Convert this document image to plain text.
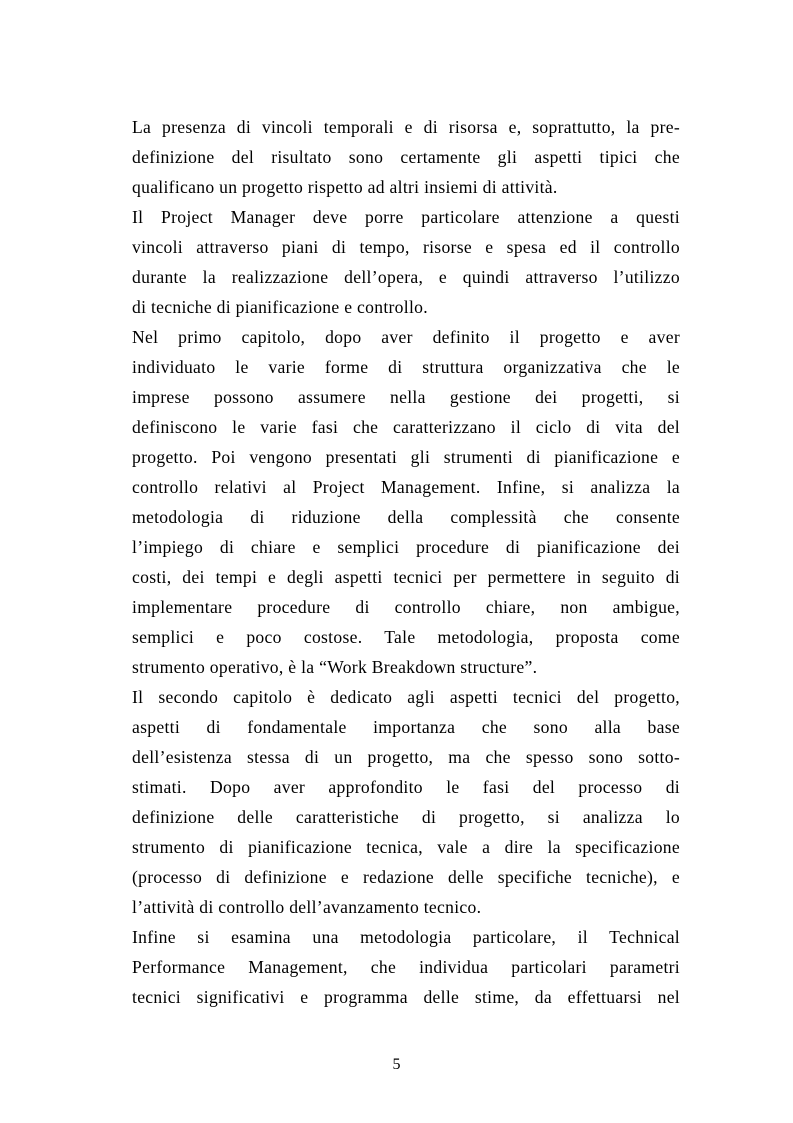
La presenza di vincoli temporali e di risorsa e, soprattutto, la pre-
definizione del risultato sono certamente gli aspetti tipici che
qualificano un progetto rispetto ad altri insiemi di attività.

Il Project Manager deve porre particolare attenzione a questi
vincoli attraverso piani di tempo, risorse e spesa ed il controllo
durante la realizzazione dell’opera, e quindi attraverso l’utilizzo
di tecniche di pianificazione e controllo.

Nel primo capitolo, dopo aver definito il progetto e aver
individuato le varie forme di struttura organizzativa che le
imprese possono assumere nella gestione dei progetti, si
definiscono le varie fasi che caratterizzano il ciclo di vita del
progetto. Poi vengono presentati gli strumenti di pianificazione e
controllo relativi al Project Management. Infine, si analizza la
metodologia di riduzione della complessità che consente
l’impiego di chiare e semplici procedure di pianificazione dei
costi, dei tempi e degli aspetti tecnici per permettere in seguito di
implementare procedure di controllo chiare, non ambigue,
semplici e poco costose. Tale metodologia, proposta come
strumento operativo, è la “Work Breakdown structure”.

Il secondo capitolo è dedicato agli aspetti tecnici del progetto,
aspetti di fondamentale importanza che sono alla base
dell’esistenza stessa di un progetto, ma che spesso sono sotto-
stimati. Dopo aver approfondito le fasi del processo di
definizione delle caratteristiche di progetto, si analizza lo
strumento di pianificazione tecnica, vale a dire la specificazione
(processo di definizione e redazione delle specifiche tecniche), e
l’attività di controllo dell’avanzamento tecnico.

Infine si esamina una metodologia particolare, il Technical
Performance Management, che individua particolari parametri
tecnici significativi e programma delle stime, da effettuarsi nel

5
